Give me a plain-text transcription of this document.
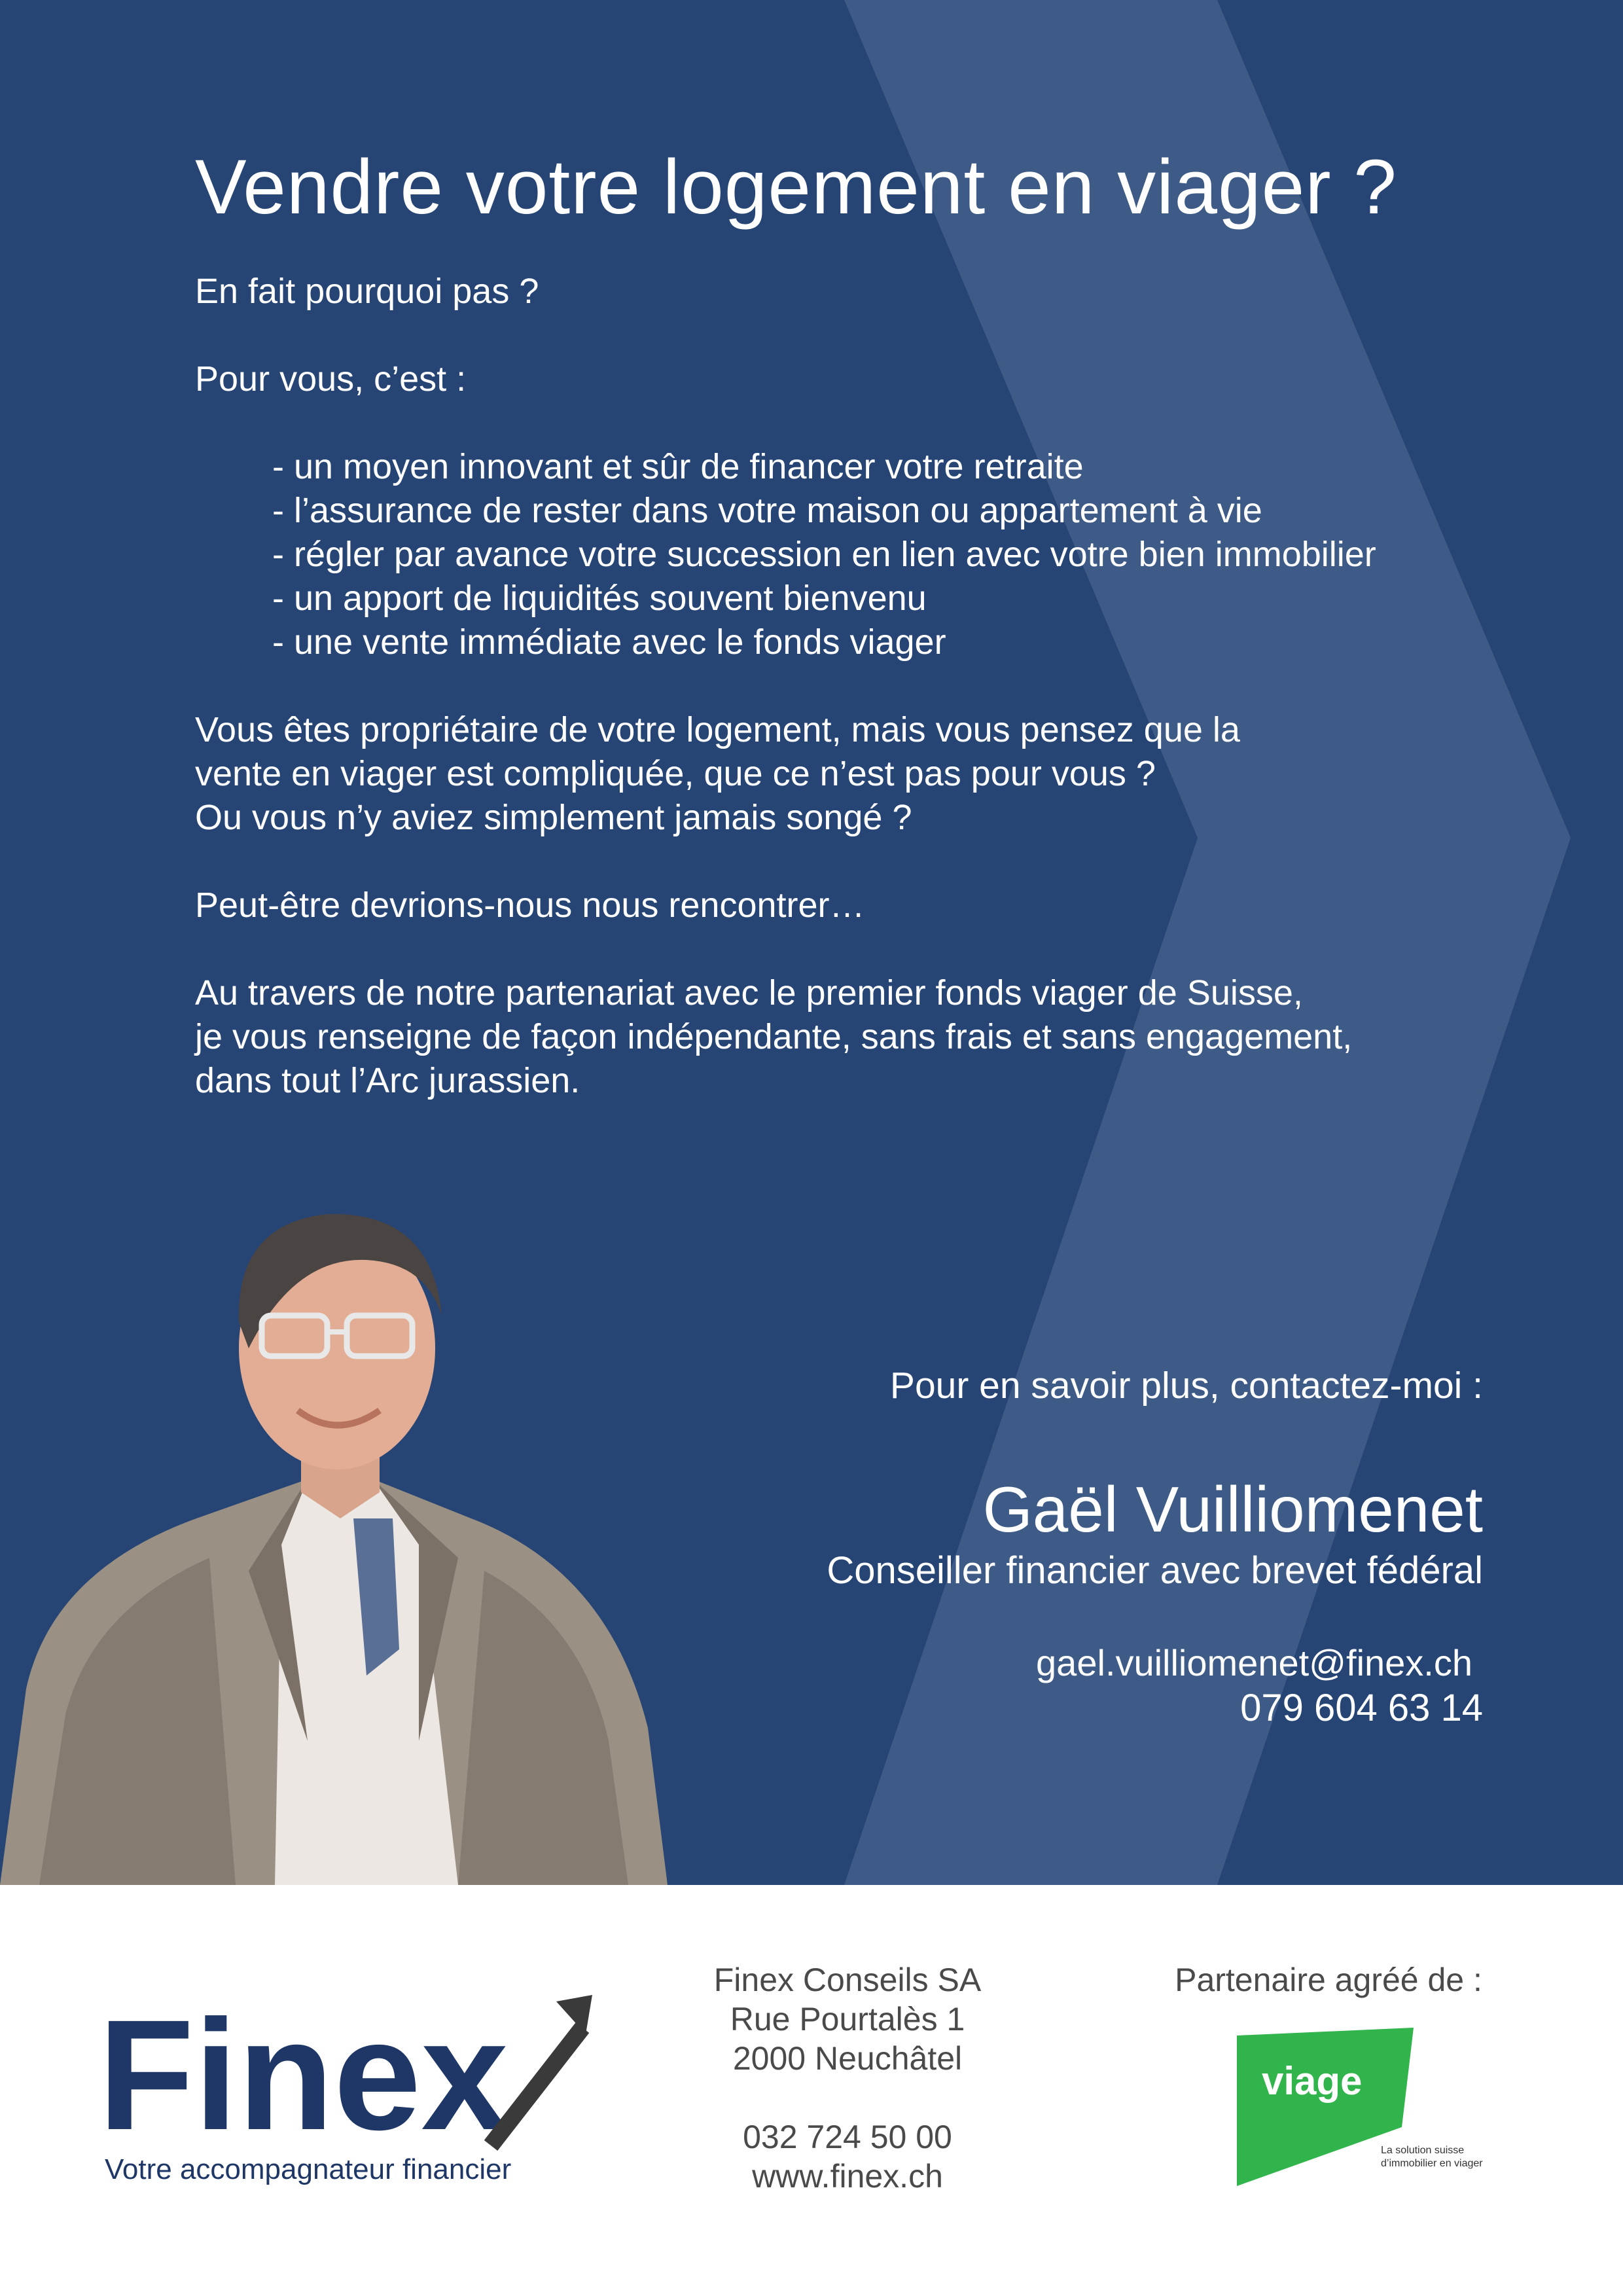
Vendre votre logement en viager ?
En fait pourquoi pas ?
Pour vous, c’est :
- un moyen innovant et sûr de financer votre retraite
- l’assurance de rester dans votre maison ou appartement à vie
- régler par avance votre succession en lien avec votre bien immobilier
- un apport de liquidités souvent bienvenu
- une vente immédiate avec le fonds viager
Vous êtes propriétaire de votre logement, mais vous pensez que la
vente en viager est compliquée, que ce n’est pas pour vous ?
Ou vous n’y aviez simplement jamais songé ?
Peut-être devrions-nous nous rencontrer…
Au travers de notre partenariat avec le premier fonds viager de Suisse,
je vous renseigne de façon indépendante, sans frais et sans engagement,
dans tout l’Arc jurassien.
Pour en savoir plus, contactez-moi :
Gaël Vuilliomenet
Conseiller financier avec brevet fédéral
gael.vuilliomenet@finex.ch
079 604 63 14
Finex
Votre accompagnateur financier
Finex Conseils SA
Rue Pourtalès 1
2000 Neuchâtel
032 724 50 00
www.finex.ch
Partenaire agréé de :
viage
La solution suisse
d’immobilier en viager
